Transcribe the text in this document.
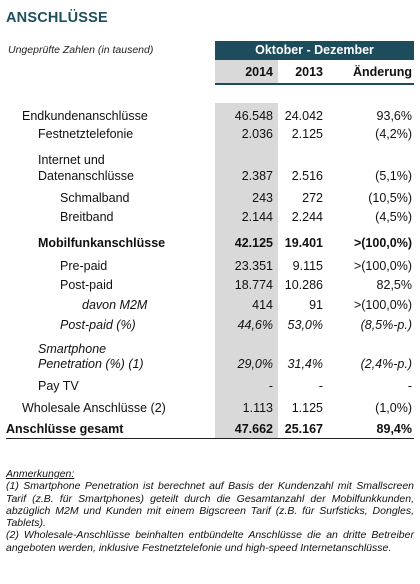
ANSCHLÜSSE
Ungeprüfte Zahlen (in tausend)	Oktober - Dezember
2014	2013	Änderung
Endkundenanschlüsse	46.548 24.042	93,6%
Festnetztelefonie	2.036	2.125	(4,2%)
Internet und
Datenanschlüsse	2.387	2.516	(5,1%)
Schmalband	243	272	(10,5%)
Breitband	2.144	2.244	(4,5%)
Mobilfunkanschlüsse	42.125 19.401	>(100,0%)
Pre-paid	23.351	9.115	>(100,0%)
Post-paid	18.774 10.286	82,5%
davon M2M	414	91	>(100,0%)
Post-paid (%)	44,6%	53,0%	(8,5%-p.)
Smartphone
Penetration (%) (1)	29,0%	31,4%	(2,4%-p.)
Pay TV	-	-	-
Wholesale Anschlüsse (2)	1.113	1.125	(1,0%)
Anschlüsse gesamt	47.662 25.167	89,4%
Anmerkungen:
(1) Smartphone Penetration ist berechnet auf Basis der Kundenzahl mit Smallscreen Tarif (z.B. für Smartphones) geteilt durch die Gesamtanzahl der Mobilfunkkunden, abzüglich M2M und Kunden mit einem Bigscreen Tarif (z.B. für Surfsticks, Dongles, Tablets).
(2) Wholesale-Anschlüsse beinhalten entbündelte Anschlüsse die an dritte Betreiber angeboten werden, inklusive Festnetztelefonie und high-speed Internetanschlüsse.
